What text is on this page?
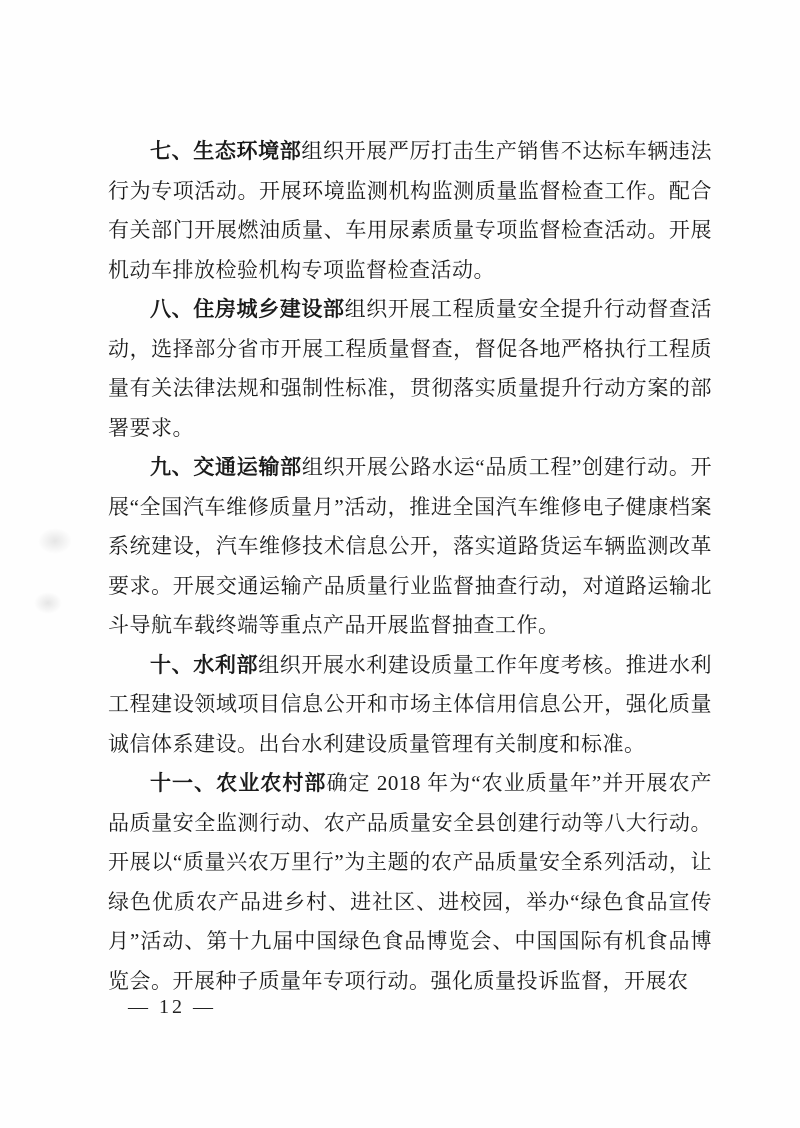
七、生态环境部组织开展严厉打击生产销售不达标车辆违法行为专项活动。开展环境监测机构监测质量监督检查工作。配合有关部门开展燃油质量、车用尿素质量专项监督检查活动。开展机动车排放检验机构专项监督检查活动。

八、住房城乡建设部组织开展工程质量安全提升行动督查活动，选择部分省市开展工程质量督查，督促各地严格执行工程质量有关法律法规和强制性标准，贯彻落实质量提升行动方案的部署要求。

九、交通运输部组织开展公路水运“品质工程”创建行动。开展“全国汽车维修质量月”活动，推进全国汽车维修电子健康档案系统建设，汽车维修技术信息公开，落实道路货运车辆监测改革要求。开展交通运输产品质量行业监督抽查行动，对道路运输北斗导航车载终端等重点产品开展监督抽查工作。

十、水利部组织开展水利建设质量工作年度考核。推进水利工程建设领域项目信息公开和市场主体信用信息公开，强化质量诚信体系建设。出台水利建设质量管理有关制度和标准。

十一、农业农村部确定 2018 年为“农业质量年”并开展农产品质量安全监测行动、农产品质量安全县创建行动等八大行动。开展以“质量兴农万里行”为主题的农产品质量安全系列活动，让绿色优质农产品进乡村、进社区、进校园，举办“绿色食品宣传月”活动、第十九届中国绿色食品博览会、中国国际有机食品博览会。开展种子质量年专项行动。强化质量投诉监督，开展农

— 12 —
